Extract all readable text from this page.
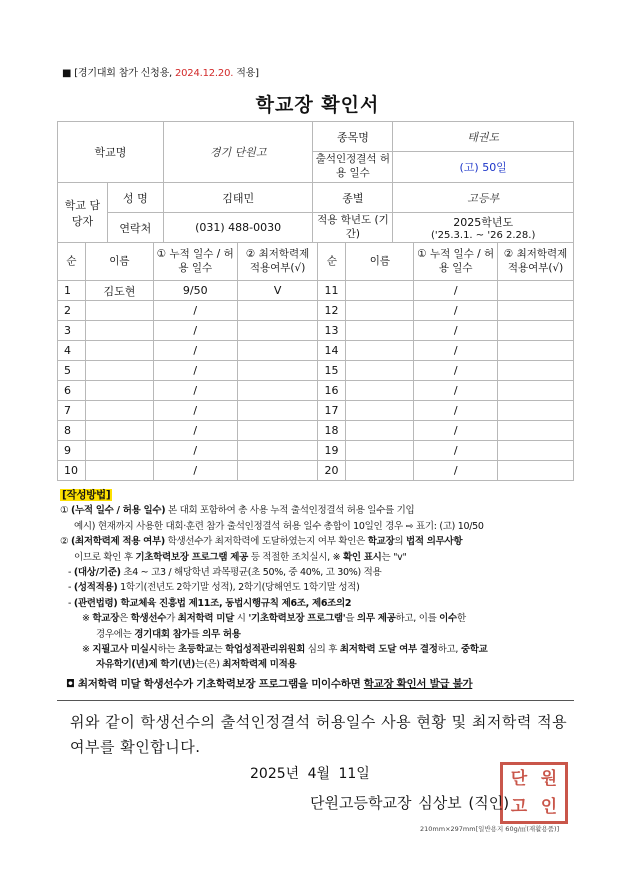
■ [경기대회 참가 신청용, 2024.12.20. 적용]
학교장 확인서
학교명		경기 단원고	종목명	태권도
			출석인정결석 허용 일수	(고) 50일
학교 담당자	성 명	김태민	종별	고등부
	연락처	(031) 488-0030	적용 학년도 (기간)	2025학년도
('25.3.1. ~ '26 2.28.)
순	이름	① 누적 일수 / 허용 일수	② 최저학력제 적용여부(√)	순	이름	① 누적 일수 / 허용 일수	② 최저학력제 적용여부(√)
1	김도현	9/50	V	11		/	
2		/		12		/	
3		/		13		/	
4		/		14		/	
5		/		15		/	
6		/		16		/	
7		/		17		/	
8		/		18		/	
9		/		19		/	
10		/		20		/	
[작성방법]
① (누적 일수 / 허용 일수) 본 대회 포함하여 총 사용 누적 출석인정결석 허용 일수를 기입
예시) 현재까지 사용한 대회·훈련 참가 출석인정결석 허용 일수 총합이 10일인 경우 ⇨ 표기: (고) 10/50
② (최저학력제 적용 여부) 학생선수가 최저학력에 도달하였는지 여부 확인은 학교장의 법적 의무사항
이므로 확인 후 기초학력보장 프로그램 제공 등 적절한 조치실시, ※ 확인 표시는 "v"
- (대상/기준) 초4 ~ 고3 / 해당학년 과목평균(초 50%, 중 40%, 고 30%) 적용
- (성적적용) 1학기(전년도 2학기말 성적), 2학기(당해연도 1학기말 성적)
- (관련법령) 학교체육 진흥법 제11조, 동법시행규칙 제6조, 제6조의2
※ 학교장은 학생선수가 최저학력 미달 시 '기초학력보장 프로그램'을 의무 제공하고, 이를 이수한
경우에는 경기대회 참가를 의무 허용
※ 지필고사 미실시하는 초등학교는 학업성적관리위원회 심의 후 최저학력 도달 여부 결정하고, 중학교
자유학기(년)제 학기(년)는(은) 최저학력제 미적용
◘ 최저학력 미달 학생선수가 기초학력보장 프로그램을 미이수하면 학교장 확인서 발급 불가
위와 같이 학생선수의 출석인정결석 허용일수 사용 현황 및 최저학력 적용 여부를 확인합니다.
2025년 4월 11일	단 원
고 인
단원고등학교장 심상보 (직인)
210mm×297mm[일반용지 60g/㎡(재활용품)]
